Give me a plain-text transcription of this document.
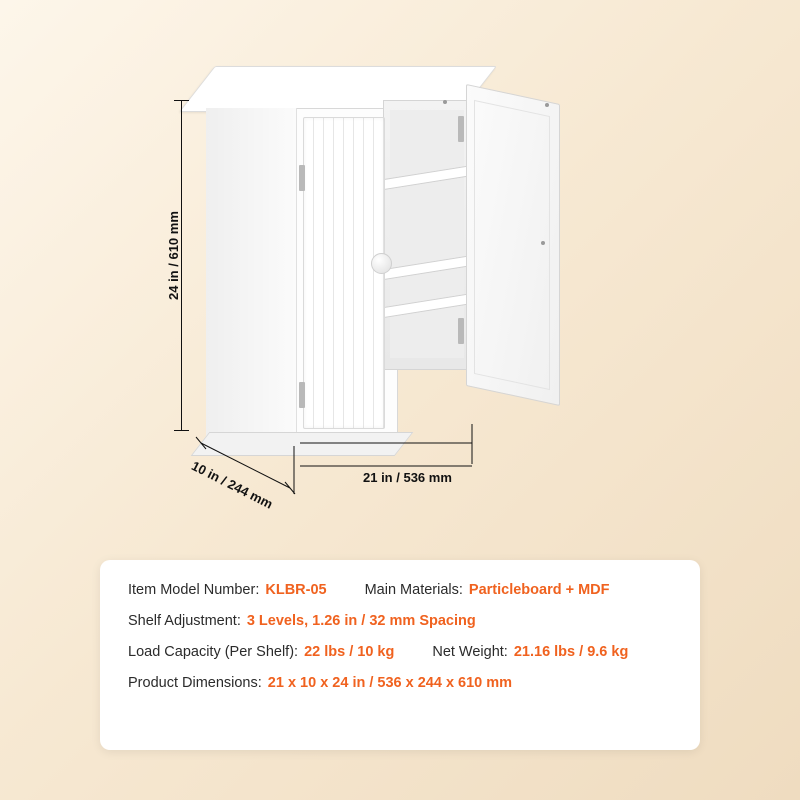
24 in / 610 mm
10 in / 244 mm	21 in / 536 mm
Item Model Number: KLBR-05	Main Materials: Particleboard + MDF
Shelf Adjustment: 3 Levels, 1.26 in / 32 mm Spacing
Load Capacity (Per Shelf): 22 lbs / 10 kg	Net Weight: 21.16 lbs / 9.6 kg
Product Dimensions: 21 x 10 x 24 in / 536 x 244 x 610 mm
